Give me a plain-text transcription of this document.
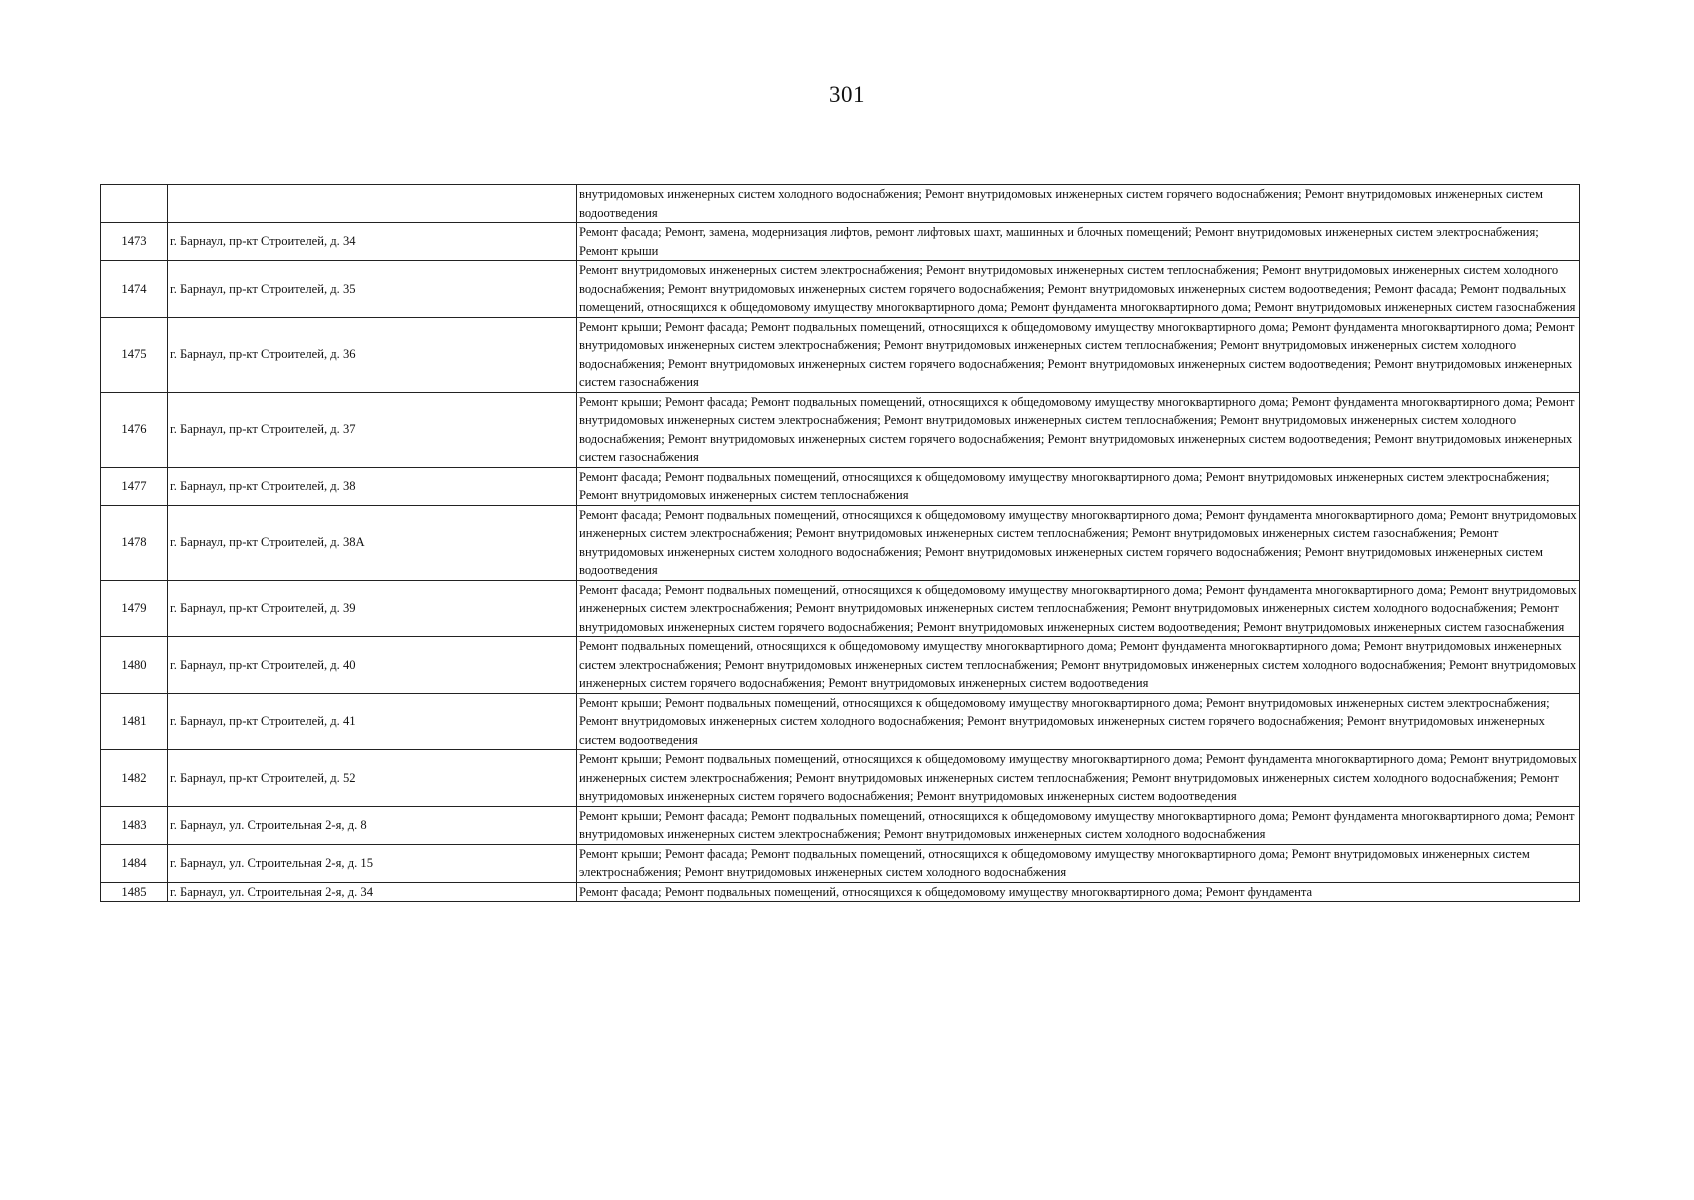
301
		внутридомовых инженерных систем холодного водоснабжения; Ремонт внутридомовых инженерных систем горячего водоснабжения; Ремонт внутридомовых инженерных систем водоотведения
1473	г. Барнаул, пр-кт Строителей, д. 34	Ремонт фасада; Ремонт, замена, модернизация лифтов, ремонт лифтовых шахт, машинных и блочных помещений; Ремонт внутридомовых инженерных систем электроснабжения; Ремонт крыши
1474	г. Барнаул, пр-кт Строителей, д. 35	Ремонт внутридомовых инженерных систем электроснабжения; Ремонт внутридомовых инженерных систем теплоснабжения; Ремонт внутридомовых инженерных систем холодного водоснабжения; Ремонт внутридомовых инженерных систем горячего водоснабжения; Ремонт внутридомовых инженерных систем водоотведения; Ремонт фасада; Ремонт подвальных помещений, относящихся к общедомовому имуществу многоквартирного дома; Ремонт фундамента многоквартирного дома; Ремонт внутридомовых инженерных систем газоснабжения
1475	г. Барнаул, пр-кт Строителей, д. 36	Ремонт крыши; Ремонт фасада; Ремонт подвальных помещений, относящихся к общедомовому имуществу многоквартирного дома; Ремонт фундамента многоквартирного дома; Ремонт внутридомовых инженерных систем электроснабжения; Ремонт внутридомовых инженерных систем теплоснабжения; Ремонт внутридомовых инженерных систем холодного водоснабжения; Ремонт внутридомовых инженерных систем горячего водоснабжения; Ремонт внутридомовых инженерных систем водоотведения; Ремонт внутридомовых инженерных систем газоснабжения
1476	г. Барнаул, пр-кт Строителей, д. 37	Ремонт крыши; Ремонт фасада; Ремонт подвальных помещений, относящихся к общедомовому имуществу многоквартирного дома; Ремонт фундамента многоквартирного дома; Ремонт внутридомовых инженерных систем электроснабжения; Ремонт внутридомовых инженерных систем теплоснабжения; Ремонт внутридомовых инженерных систем холодного водоснабжения; Ремонт внутридомовых инженерных систем горячего водоснабжения; Ремонт внутридомовых инженерных систем водоотведения; Ремонт внутридомовых инженерных систем газоснабжения
1477	г. Барнаул, пр-кт Строителей, д. 38	Ремонт фасада; Ремонт подвальных помещений, относящихся к общедомовому имуществу многоквартирного дома; Ремонт внутридомовых инженерных систем электроснабжения; Ремонт внутридомовых инженерных систем теплоснабжения
1478	г. Барнаул, пр-кт Строителей, д. 38А	Ремонт фасада; Ремонт подвальных помещений, относящихся к общедомовому имуществу многоквартирного дома; Ремонт фундамента многоквартирного дома; Ремонт внутридомовых инженерных систем электроснабжения; Ремонт внутридомовых инженерных систем теплоснабжения; Ремонт внутридомовых инженерных систем газоснабжения; Ремонт внутридомовых инженерных систем холодного водоснабжения; Ремонт внутридомовых инженерных систем горячего водоснабжения; Ремонт внутридомовых инженерных систем водоотведения
1479	г. Барнаул, пр-кт Строителей, д. 39	Ремонт фасада; Ремонт подвальных помещений, относящихся к общедомовому имуществу многоквартирного дома; Ремонт фундамента многоквартирного дома; Ремонт внутридомовых инженерных систем электроснабжения; Ремонт внутридомовых инженерных систем теплоснабжения; Ремонт внутридомовых инженерных систем холодного водоснабжения; Ремонт внутридомовых инженерных систем горячего водоснабжения; Ремонт внутридомовых инженерных систем водоотведения; Ремонт внутридомовых инженерных систем газоснабжения
1480	г. Барнаул, пр-кт Строителей, д. 40	Ремонт подвальных помещений, относящихся к общедомовому имуществу многоквартирного дома; Ремонт фундамента многоквартирного дома; Ремонт внутридомовых инженерных систем электроснабжения; Ремонт внутридомовых инженерных систем теплоснабжения; Ремонт внутридомовых инженерных систем холодного водоснабжения; Ремонт внутридомовых инженерных систем горячего водоснабжения; Ремонт внутридомовых инженерных систем водоотведения
1481	г. Барнаул, пр-кт Строителей, д. 41	Ремонт крыши; Ремонт подвальных помещений, относящихся к общедомовому имуществу многоквартирного дома; Ремонт внутридомовых инженерных систем электроснабжения; Ремонт внутридомовых инженерных систем холодного водоснабжения; Ремонт внутридомовых инженерных систем горячего водоснабжения; Ремонт внутридомовых инженерных систем водоотведения
1482	г. Барнаул, пр-кт Строителей, д. 52	Ремонт крыши; Ремонт подвальных помещений, относящихся к общедомовому имуществу многоквартирного дома; Ремонт фундамента многоквартирного дома; Ремонт внутридомовых инженерных систем электроснабжения; Ремонт внутридомовых инженерных систем теплоснабжения; Ремонт внутридомовых инженерных систем холодного водоснабжения; Ремонт внутридомовых инженерных систем горячего водоснабжения; Ремонт внутридомовых инженерных систем водоотведения
1483	г. Барнаул, ул. Строительная 2-я, д. 8	Ремонт крыши; Ремонт фасада; Ремонт подвальных помещений, относящихся к общедомовому имуществу многоквартирного дома; Ремонт фундамента многоквартирного дома; Ремонт внутридомовых инженерных систем электроснабжения; Ремонт внутридомовых инженерных систем холодного водоснабжения
1484	г. Барнаул, ул. Строительная 2-я, д. 15	Ремонт крыши; Ремонт фасада; Ремонт подвальных помещений, относящихся к общедомовому имуществу многоквартирного дома; Ремонт внутридомовых инженерных систем электроснабжения; Ремонт внутридомовых инженерных систем холодного водоснабжения
1485	г. Барнаул, ул. Строительная 2-я, д. 34	Ремонт фасада; Ремонт подвальных помещений, относящихся к общедомовому имуществу многоквартирного дома; Ремонт фундамента
